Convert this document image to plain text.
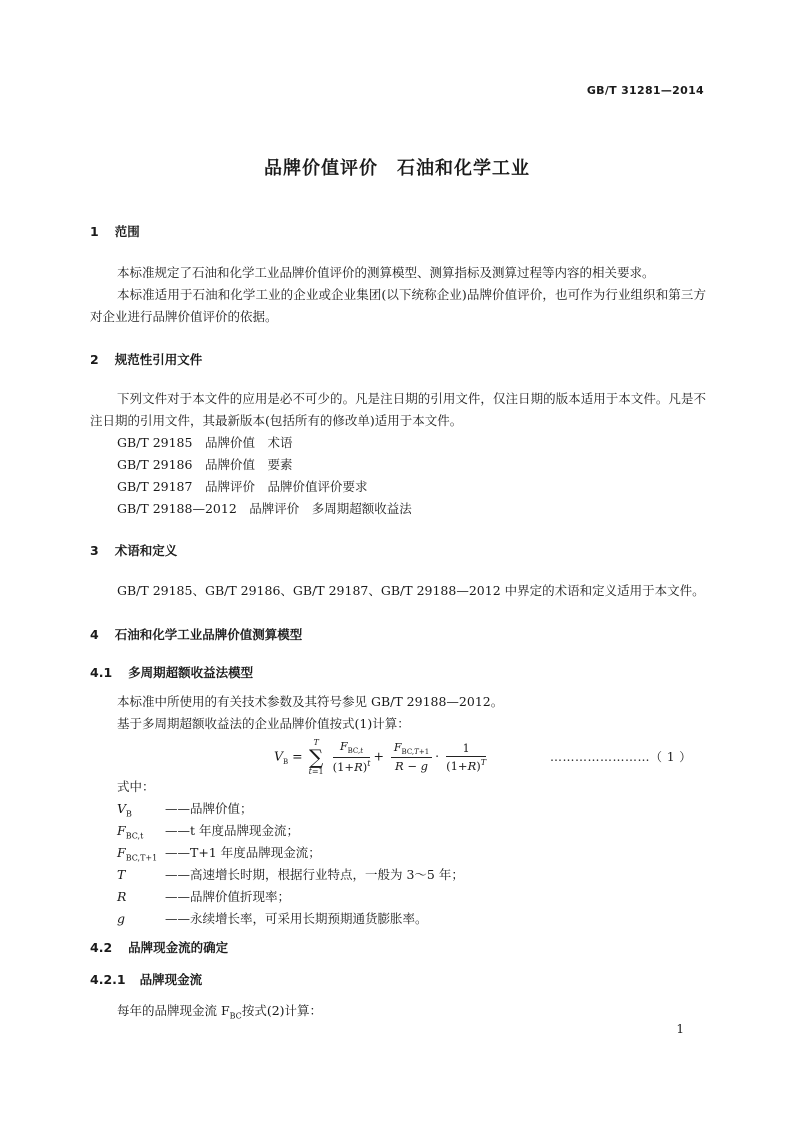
GB/T 31281—2014
品牌价值评价　石油和化学工业
1 范围
本标准规定了石油和化学工业品牌价值评价的测算模型、测算指标及测算过程等内容的相关要求。
本标准适用于石油和化学工业的企业或企业集团(以下统称企业)品牌价值评价，也可作为行业组织和第三方对企业进行品牌价值评价的依据。
2 规范性引用文件
下列文件对于本文件的应用是必不可少的。凡是注日期的引用文件，仅注日期的版本适用于本文件。凡是不注日期的引用文件，其最新版本(包括所有的修改单)适用于本文件。
GB/T 29185　品牌价值　术语
GB/T 29186　品牌价值　要素
GB/T 29187　品牌评价　品牌价值评价要求
GB/T 29188—2012　品牌评价　多周期超额收益法
3 术语和定义
GB/T 29185、GB/T 29186、GB/T 29187、GB/T 29188—2012 中界定的术语和定义适用于本文件。
4 石油和化学工业品牌价值测算模型
4.1 多周期超额收益法模型
本标准中所使用的有关技术参数及其符号参见 GB/T 29188—2012。
基于多周期超额收益法的企业品牌价值按式(1)计算：
$V_B = T$
∑
$t=1 \frac{F_{BC,t}}{(1+R)^t} + \frac{F_{BC,T+1}}{R - g} \cdot \frac{1}{(1+R)^T}$	……………………（ 1 ）
式中：
$V_B$	——品牌价值；
$F_{BC,t}$ ——t 年度品牌现金流；
$F_{BC,T+1}$ ——T+1 年度品牌现金流；
T	——高速增长时期，根据行业特点，一般为 3～5 年；
R	——品牌价值折现率；
g	——永续增长率，可采用长期预期通货膨胀率。
4.2 品牌现金流的确定
4.2.1 品牌现金流
每年的品牌现金流 $F_{BC}$按式(2)计算：
1
